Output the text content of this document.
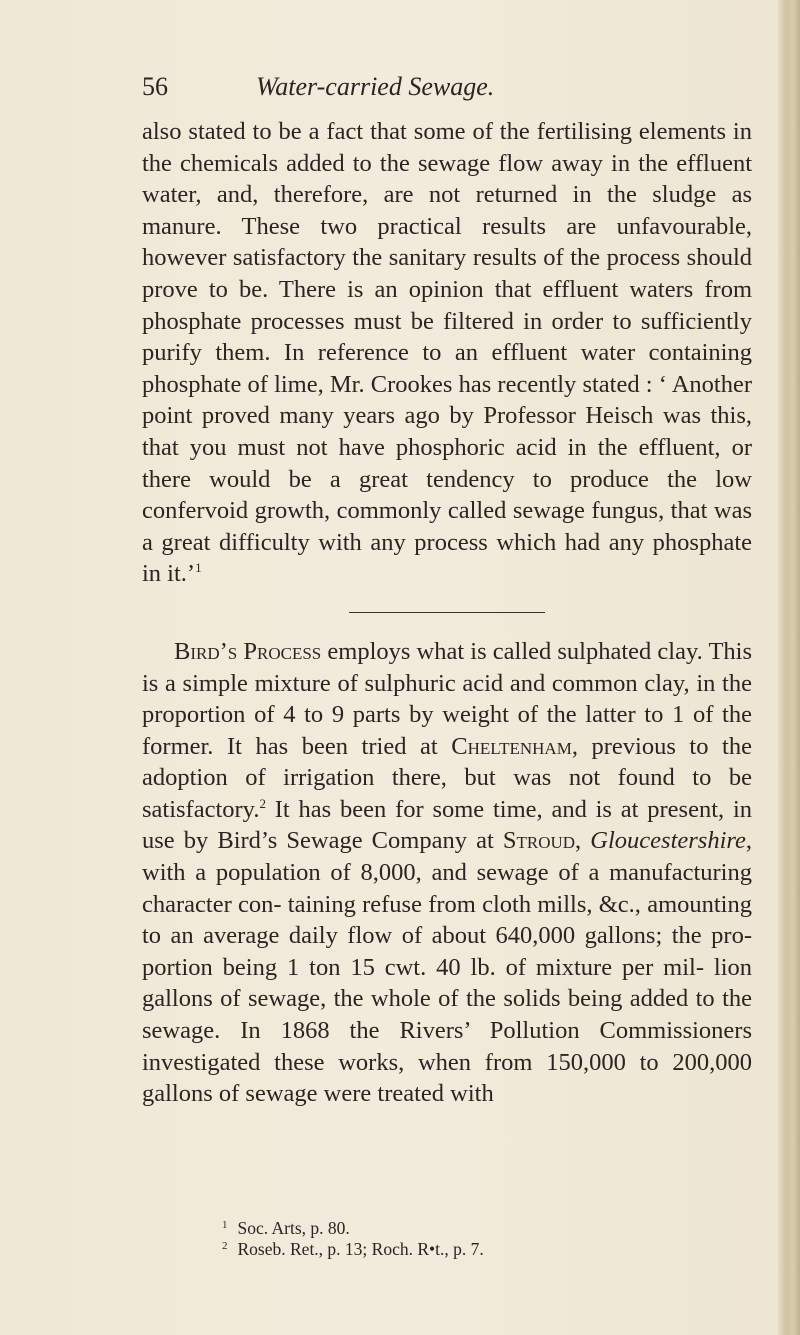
56	Water-carried Sewage.

also stated to be a fact that some of the fertilising elements in the chemicals added to the sewage flow away in the effluent water, and, therefore, are not returned in the sludge as manure. These two practical results are unfavourable, however satisfactory the sanitary results of the process should prove to be. There is an opinion that effluent waters from phosphate processes must be filtered in order to sufficiently purify them. In reference to an effluent water containing phosphate of lime, Mr. Crookes has recently stated : ‘ Another point proved many years ago by Professor Heisch was this, that you must not have phosphoric acid in the effluent, or there would be a great tendency to produce the low confervoid growth, commonly called sewage fungus, that was a great difficulty with any process which had any phosphate in it.’$^1$

Bird’s Process employs what is called sulphated clay. This is a simple mixture of sulphuric acid and common clay, in the proportion of 4 to 9 parts by weight of the latter to 1 of the former. It has been tried at Cheltenham, previous to the adoption of irrigation there, but was not found to be satisfactory.$^2$ It has been for some time, and is at present, in use by Bird’s Sewage Company at Stroud, Gloucestershire, with a population of 8,000, and sewage of a manufacturing character con- taining refuse from cloth mills, &c., amounting to an average daily flow of about 640,000 gallons; the pro- portion being 1 ton 15 cwt. 40 lb. of mixture per mil- lion gallons of sewage, the whole of the solids being added to the sewage. In 1868 the Rivers’ Pollution Commissioners investigated these works, when from 150,000 to 200,000 gallons of sewage were treated with

$^1$ Soc. Arts, p. 80.
$^2$ Roseb. Ret., p. 13; Roch. R•t., p. 7.
